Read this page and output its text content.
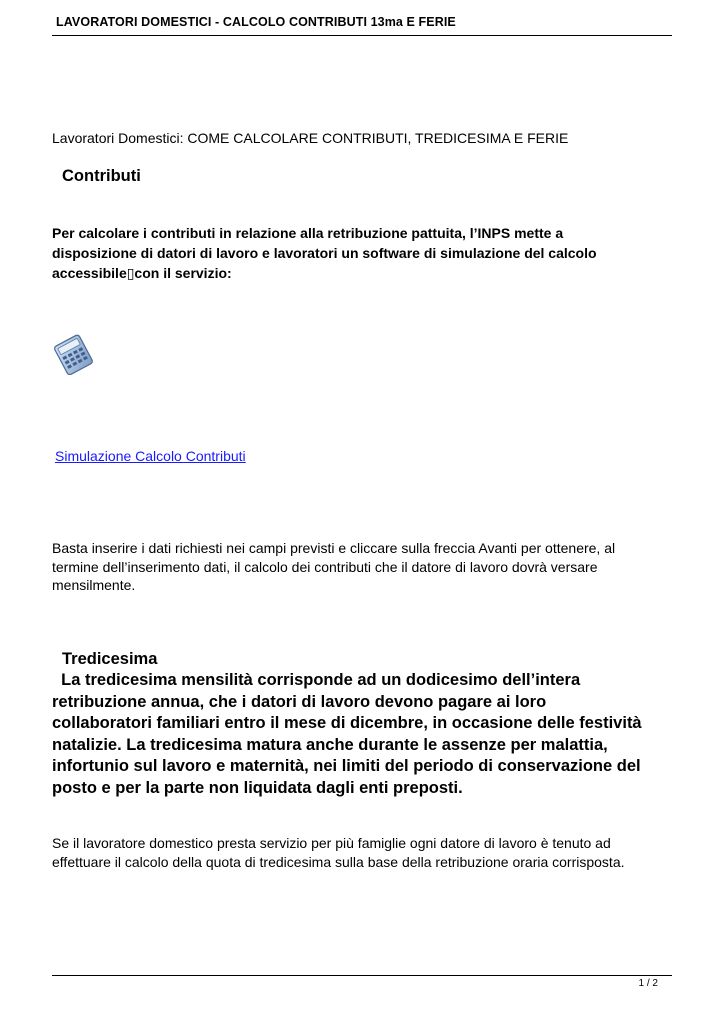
LAVORATORI DOMESTICI - CALCOLO CONTRIBUTI 13ma E FERIE
Lavoratori Domestici: COME CALCOLARE CONTRIBUTI, TREDICESIMA E FERIE
Contributi
Per calcolare i contributi in relazione alla retribuzione pattuita, l’INPS mette a
disposizione di datori di lavoro e lavoratori un software di simulazione del calcolo
accessibile▯con il servizio:
Simulazione Calcolo Contributi
Basta inserire i dati richiesti nei campi previsti e cliccare sulla freccia Avanti per ottenere, al
termine dell’inserimento dati, il calcolo dei contributi che il datore di lavoro dovrà versare
mensilmente.
Tredicesima
La tredicesima mensilità corrisponde ad un dodicesimo dell’intera
retribuzione annua, che i datori di lavoro devono pagare ai loro
collaboratori familiari entro il mese di dicembre, in occasione delle festività
natalizie. La tredicesima matura anche durante le assenze per malattia,
infortunio sul lavoro e maternità, nei limiti del periodo di conservazione del
posto e per la parte non liquidata dagli enti preposti.
Se il lavoratore domestico presta servizio per più famiglie ogni datore di lavoro è tenuto ad
effettuare il calcolo della quota di tredicesima sulla base della retribuzione oraria corrisposta.
1 / 2
